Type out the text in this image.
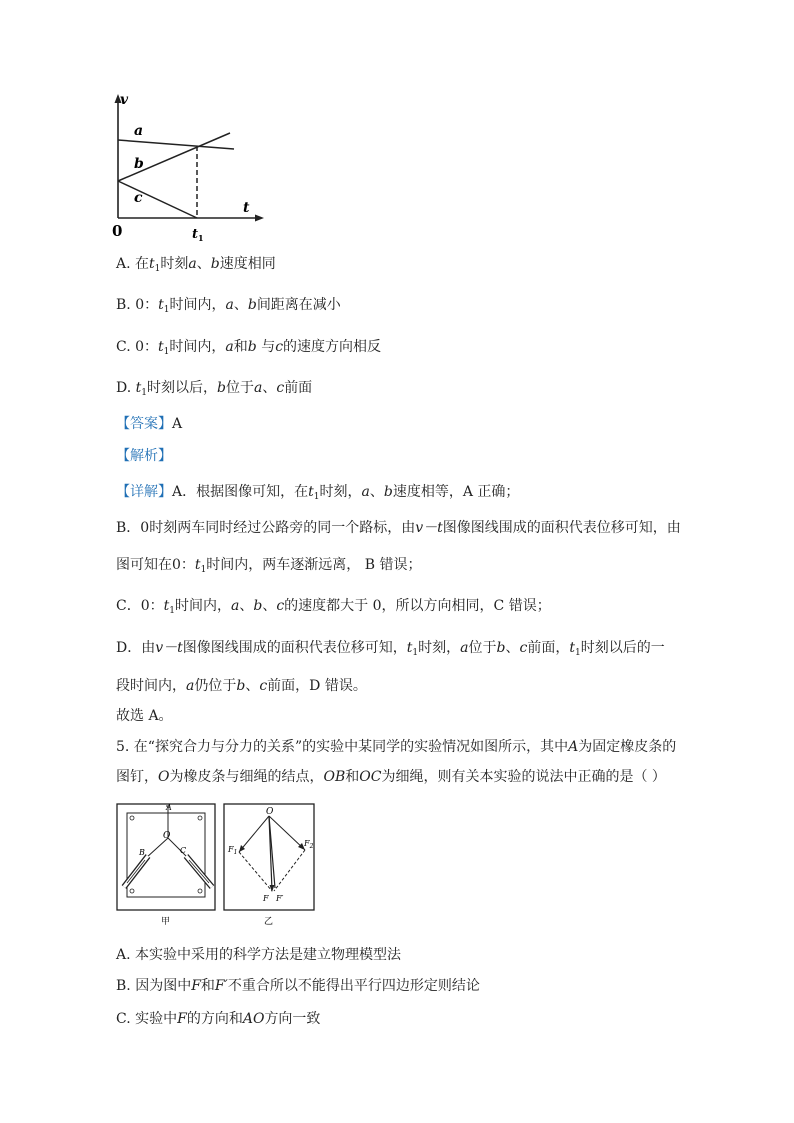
v
t
0
a
b
c
$t_1$
A. 在$t_1$时刻a、b速度相同
B. 0：$t_1$时间内，a、b间距离在减小
C. 0：$t_1$时间内，a和b 与c的速度方向相反
D. $t_1$时刻以后，b位于a、c前面
【答案】A
【解析】
【详解】A．根据图像可知，在$t_1$时刻，a、b速度相等，A 正确；
B．0时刻两车同时经过公路旁的同一个路标，由v－t图像图线围成的面积代表位移可知，由
图可知在0：$t_1$时间内，两车逐渐远离， B 错误；
C．0：$t_1$时间内，a、b、c的速度都大于 0，所以方向相同，C 错误；
D．由v－t图像图线围成的面积代表位移可知，$t_1$时刻，a位于b、c前面，$t_1$时刻以后的一
段时间内，a仍位于b、c前面，D 错误。
故选 A。
5. 在“探究合力与分力的关系”的实验中某同学的实验情况如图所示，其中A为固定橡皮条的
图钉，O为橡皮条与细绳的结点，OB和OC为细绳，则有关本实验的说法中正确的是（ ）
A
O
B	C
甲
O
$F_1$
$F_2$
F F′
乙
A. 本实验中采用的科学方法是建立物理模型法
B. 因为图中F和F′不重合所以不能得出平行四边形定则结论
C. 实验中F的方向和AO方向一致
